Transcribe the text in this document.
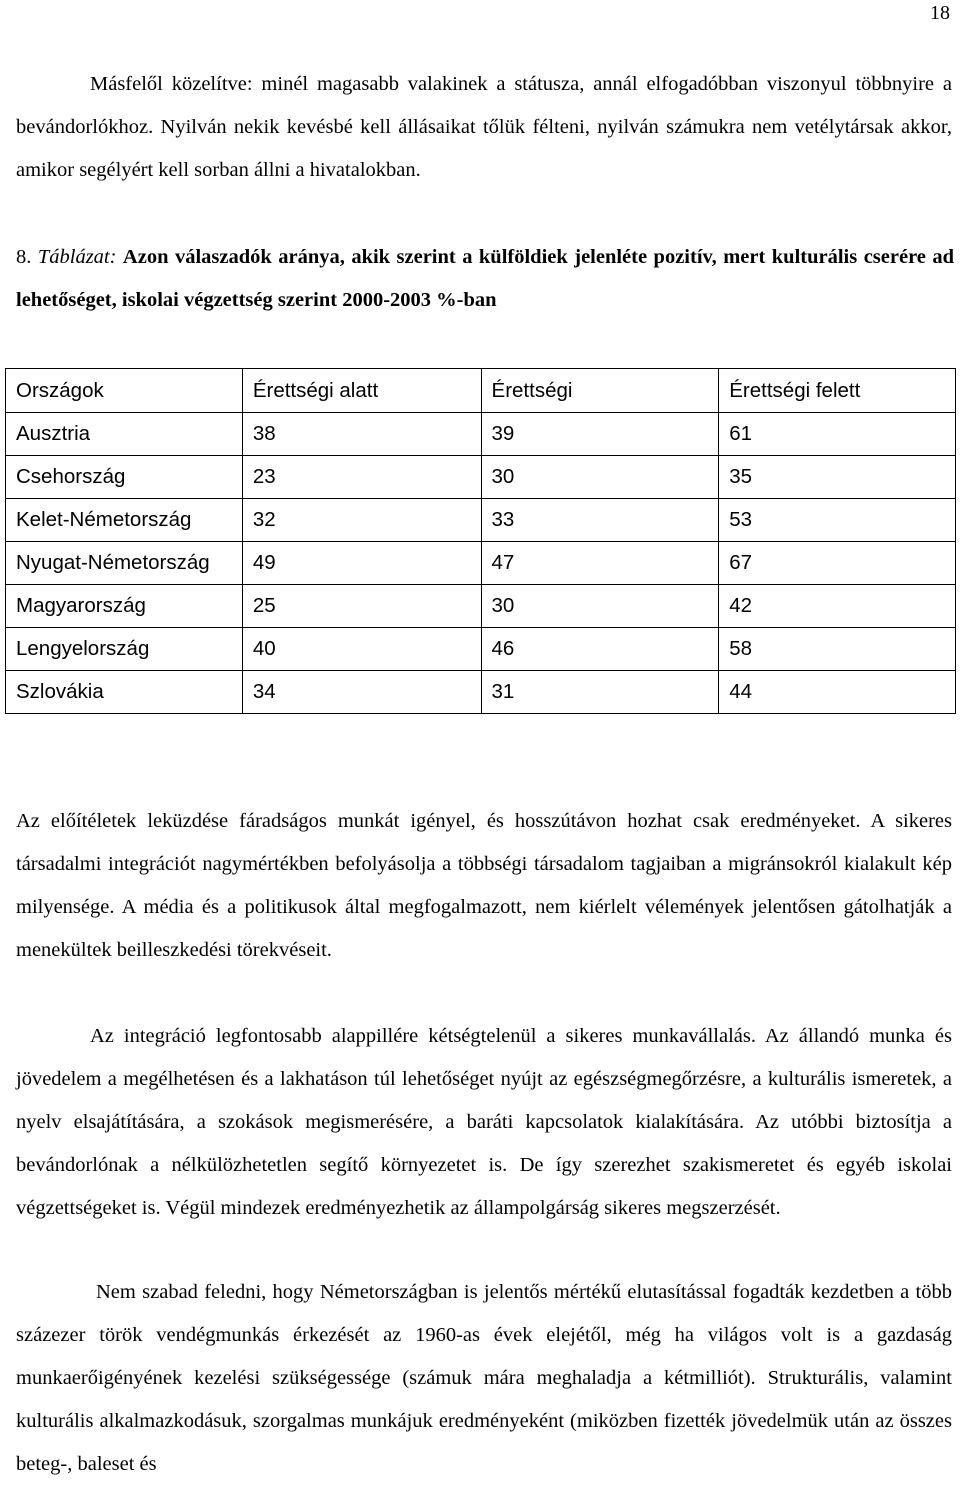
18

Másfelől közelítve: minél magasabb valakinek a státusza, annál elfogadóbban viszonyul többnyire a bevándorlókhoz. Nyilván nekik kevésbé kell állásaikat tőlük félteni, nyilván számukra nem vetélytársak akkor, amikor segélyért kell sorban állni a hivatalokban.

8. Táblázat: Azon válaszadók aránya, akik szerint a külföldiek jelenléte pozitív, mert kulturális cserére ad lehetőséget, iskolai végzettség szerint 2000-2003 %-ban

Országok	Érettségi alatt	Érettségi	Érettségi felett
Ausztria	38	39	61
Csehország	23	30	35
Kelet-Németország	32	33	53
Nyugat-Németország	49	47	67
Magyarország	25	30	42
Lengyelország	40	46	58
Szlovákia	34	31	44

Az előítéletek leküzdése fáradságos munkát igényel, és hosszútávon hozhat csak eredményeket. A sikeres társadalmi integrációt nagymértékben befolyásolja a többségi társadalom tagjaiban a migránsokról kialakult kép milyensége. A média és a politikusok által megfogalmazott, nem kiérlelt vélemények jelentősen gátolhatják a menekültek beilleszkedési törekvéseit.

Az integráció legfontosabb alappillére kétségtelenül a sikeres munkavállalás. Az állandó munka és jövedelem a megélhetésen és a lakhatáson túl lehetőséget nyújt az egészségmegőrzésre, a kulturális ismeretek, a nyelv elsajátítására, a szokások megismerésére, a baráti kapcsolatok kialakítására. Az utóbbi biztosítja a bevándorlónak a nélkülözhetetlen segítő környezetet is. De így szerezhet szakismeretet és egyéb iskolai végzettségeket is. Végül mindezek eredményezhetik az állampolgárság sikeres megszerzését.

Nem szabad feledni, hogy Németországban is jelentős mértékű elutasítással fogadták kezdetben a több százezer török vendégmunkás érkezését az 1960-as évek elejétől, még ha világos volt is a gazdaság munkaerőigényének kezelési szükségessége (számuk mára meghaladja a kétmilliót). Strukturális, valamint kulturális alkalmazkodásuk, szorgalmas munkájuk eredményeként (miközben fizették jövedelmük után az összes beteg-, baleset és
